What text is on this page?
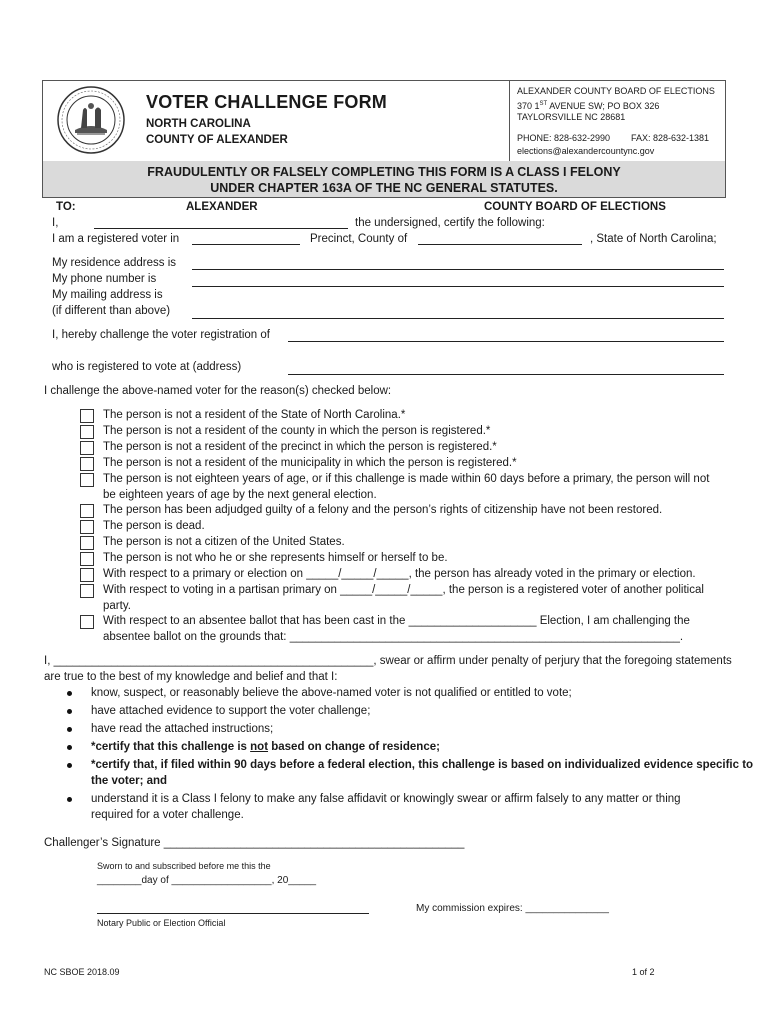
VOTER CHALLENGE FORM
NORTH CAROLINA
COUNTY OF ALEXANDER
ALEXANDER COUNTY BOARD OF ELECTIONS
370 1ST AVENUE SW; PO BOX 326
TAYLORSVILLE NC 28681
PHONE: 828-632-2990 FAX: 828-632-1381
elections@alexandercountync.gov
FRAUDULENTLY OR FALSELY COMPLETING THIS FORM IS A CLASS I FELONY
UNDER CHAPTER 163A OF THE NC GENERAL STATUTES.
TO:	ALEXANDER	COUNTY BOARD OF ELECTIONS
I,	the undersigned, certify the following:
I am a registered voter in	Precinct, County of	, State of North Carolina;
My residence address is
My phone number is
My mailing address is
(if different than above)
I, hereby challenge the voter registration of
who is registered to vote at (address)
I challenge the above-named voter for the reason(s) checked below:
The person is not a resident of the State of North Carolina.*
The person is not a resident of the county in which the person is registered.*
The person is not a resident of the precinct in which the person is registered.*
The person is not a resident of the municipality in which the person is registered.*
The person is not eighteen years of age, or if this challenge is made within 60 days before a primary, the person will not
be eighteen years of age by the next general election.
The person has been adjudged guilty of a felony and the person’s rights of citizenship have not been restored.
The person is dead.
The person is not a citizen of the United States.
The person is not who he or she represents himself or herself to be.
With respect to a primary or election on _____/_____/_____, the person has already voted in the primary or election.
With respect to voting in a partisan primary on _____/_____/_____, the person is a registered voter of another political
party.
With respect to an absentee ballot that has been cast in the ____________________ Election, I am challenging the
absentee ballot on the grounds that: _____________________________________________________________.
I, __________________________________________________, swear or affirm under penalty of perjury that the foregoing statements
are true to the best of my knowledge and belief and that I:
know, suspect, or reasonably believe the above-named voter is not qualified or entitled to vote;
have attached evidence to support the voter challenge;
have read the attached instructions;
*certify that this challenge is not based on change of residence;
*certify that, if filed within 90 days before a federal election, this challenge is based on individualized evidence specific to
the voter; and
understand it is a Class I felony to make any false affidavit or knowingly swear or affirm falsely to any matter or thing
required for a voter challenge.
Challenger’s Signature _______________________________________________
Sworn to and subscribed before me this the
________day of __________________, 20_____
My commission expires: _______________
Notary Public or Election Official
NC SBOE 2018.09	1 of 2
